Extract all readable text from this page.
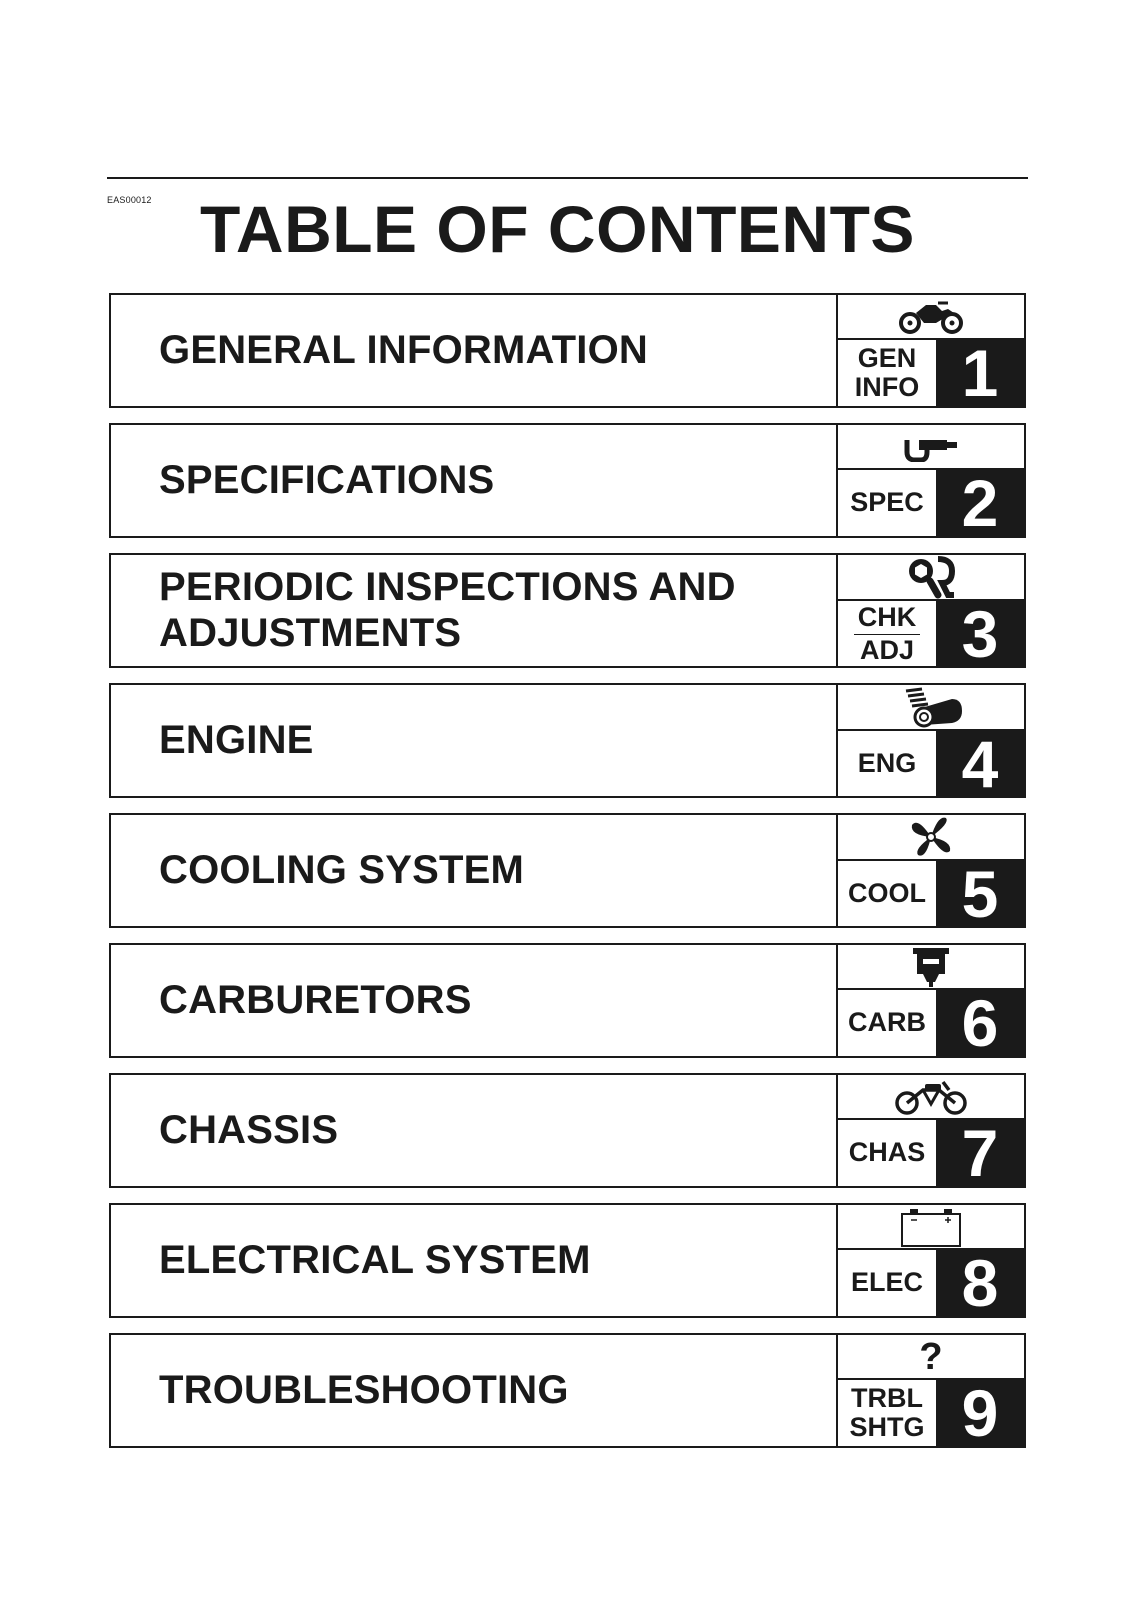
EAS00012 TABLE OF CONTENTS
GENERAL INFORMATION	GEN
INFO 1
SPECIFICATIONS
SPEC 2
PERIODIC INSPECTIONS AND
ADJUSTMENTS	CHK
ADJ 3
ENGINE
ENG 4
COOLING SYSTEM
COOL 5
CARBURETORS
CARB 6
CHASSIS
CHAS 7
ELECTRICAL SYSTEM
ELEC 8
TROUBLESHOOTING
?
TRBL
SHTG 9
